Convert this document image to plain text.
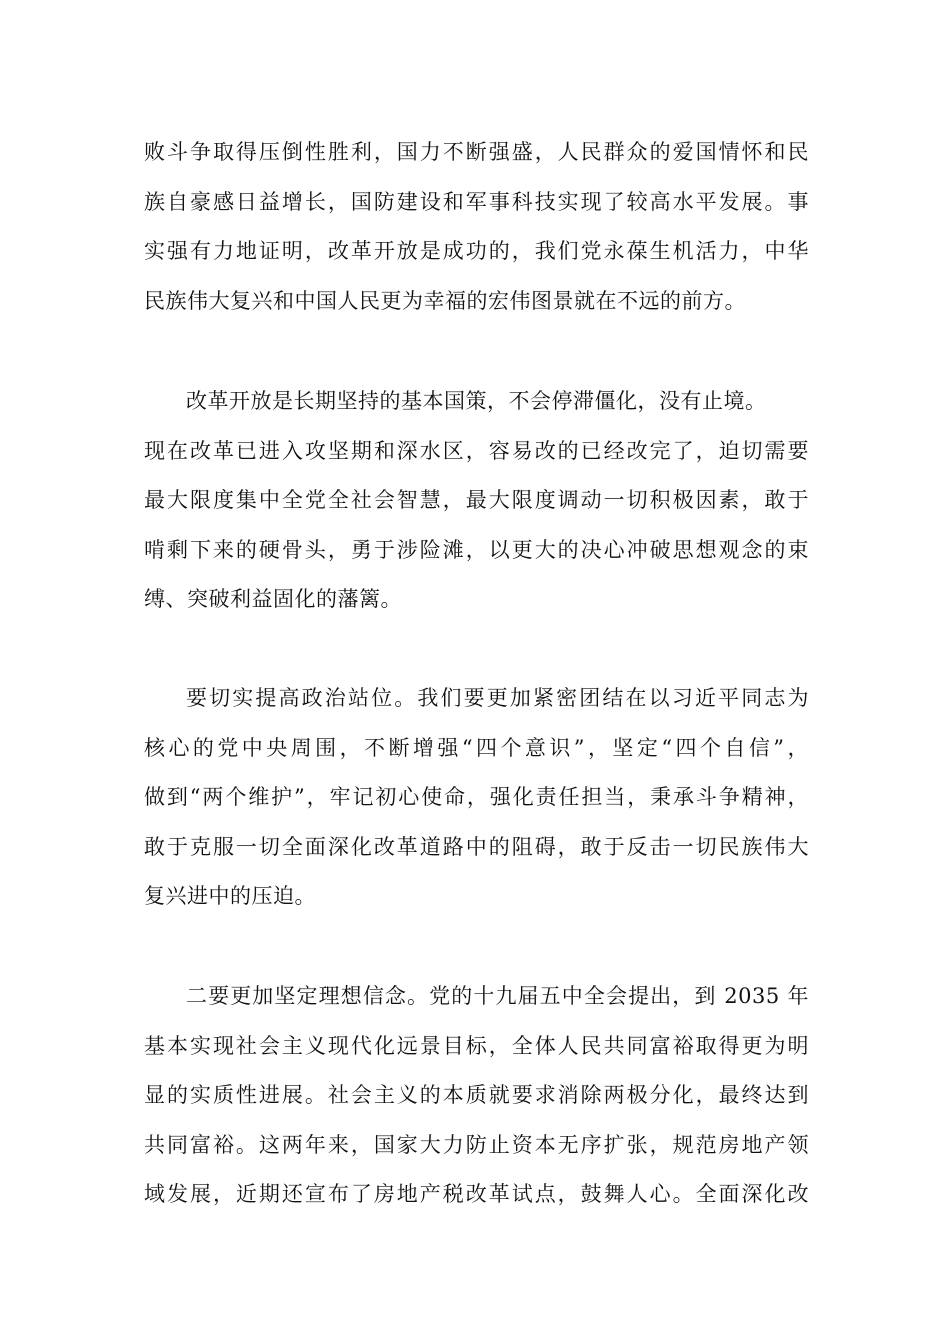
败斗争取得压倒性胜利，国力不断强盛，人民群众的爱国情怀和民
族自豪感日益增长，国防建设和军事科技实现了较高水平发展。事
实强有力地证明，改革开放是成功的，我们党永葆生机活力，中华
民族伟大复兴和中国人民更为幸福的宏伟图景就在不远的前方。
改革开放是长期坚持的基本国策，不会停滞僵化，没有止境。
现在改革已进入攻坚期和深水区，容易改的已经改完了，迫切需要
最大限度集中全党全社会智慧，最大限度调动一切积极因素，敢于
啃剩下来的硬骨头，勇于涉险滩，以更大的决心冲破思想观念的束
缚、突破利益固化的藩篱。
要切实提高政治站位。我们要更加紧密团结在以习近平同志为
核心的党中央周围，不断增强“四个意识”，坚定“四个自信”，
做到“两个维护”，牢记初心使命，强化责任担当，秉承斗争精神，
敢于克服一切全面深化改革道路中的阻碍，敢于反击一切民族伟大
复兴进中的压迫。
二要更加坚定理想信念。党的十九届五中全会提出，到 2035 年
基本实现社会主义现代化远景目标，全体人民共同富裕取得更为明
显的实质性进展。社会主义的本质就要求消除两极分化，最终达到
共同富裕。这两年来，国家大力防止资本无序扩张，规范房地产领
域发展，近期还宣布了房地产税改革试点，鼓舞人心。全面深化改
